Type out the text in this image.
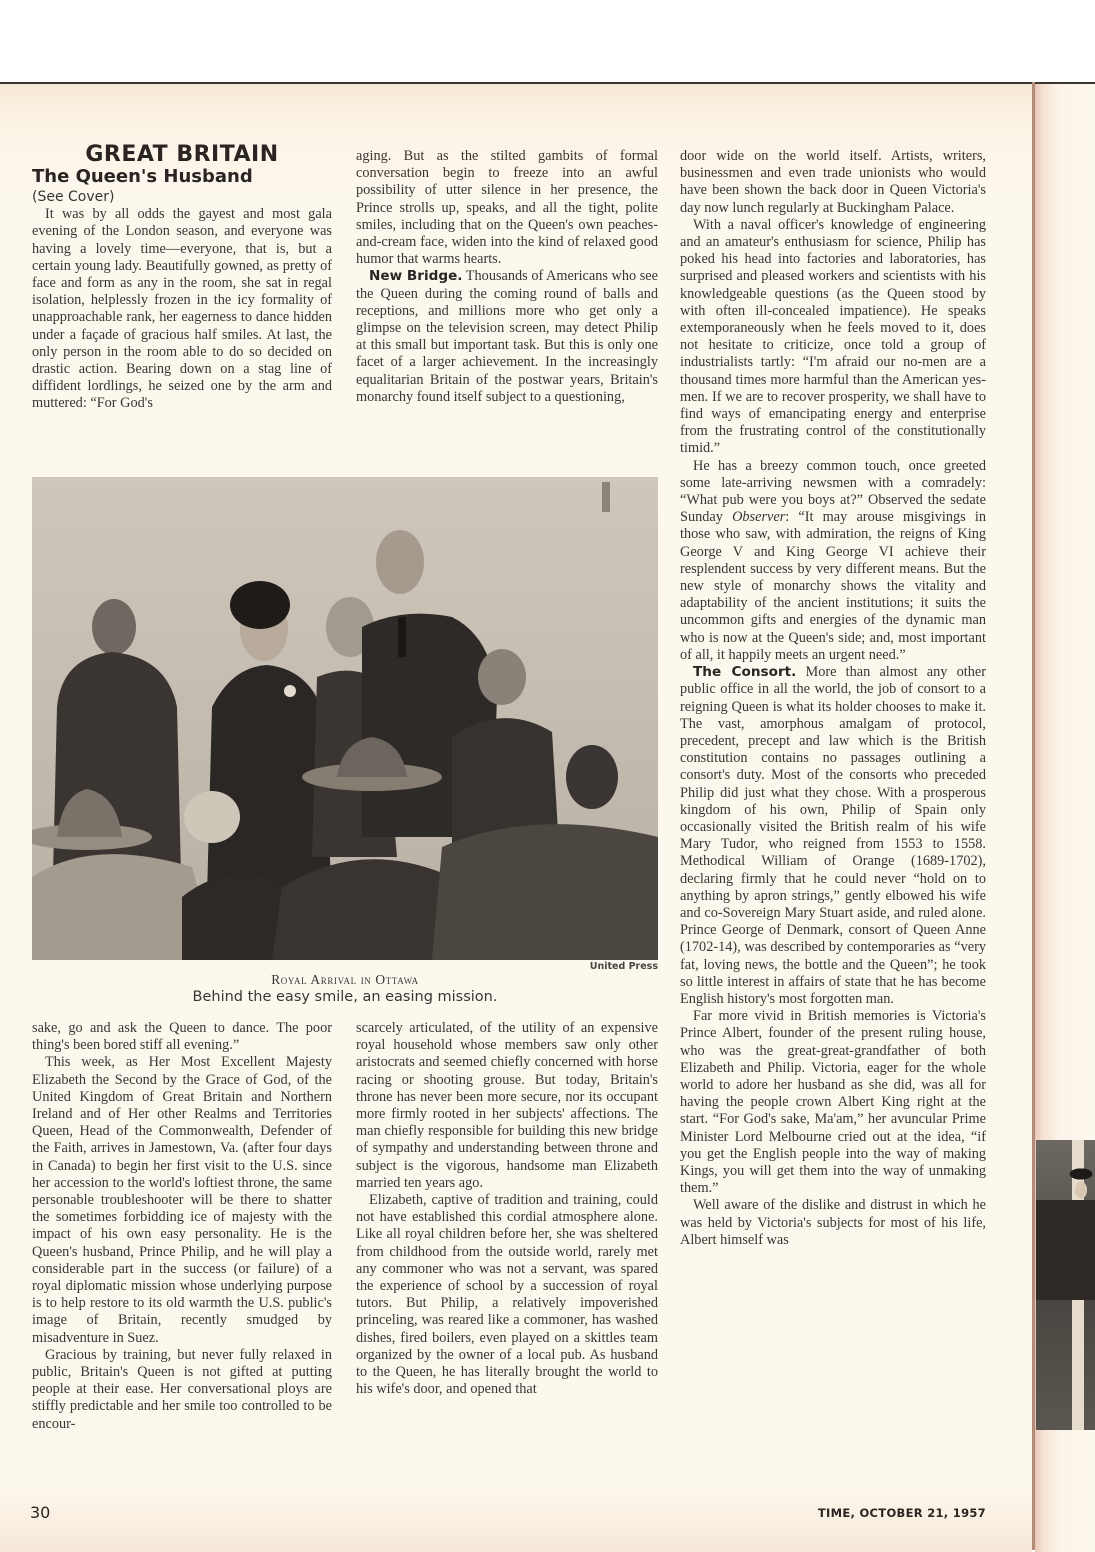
GREAT BRITAIN
The Queen's Husband
(See Cover)

It was by all odds the gayest and most gala evening of the London season, and everyone was having a lovely time—everyone, that is, but a certain young lady. Beautifully gowned, as pretty of face and form as any in the room, she sat in regal isolation, helplessly frozen in the icy formality of unapproachable rank, her eagerness to dance hidden under a façade of gracious half smiles. At last, the only person in the room able to do so decided on drastic action. Bearing down on a stag line of diffident lordlings, he seized one by the arm and muttered: “For God's

aging. But as the stilted gambits of formal conversation begin to freeze into an awful possibility of utter silence in her presence, the Prince strolls up, speaks, and all the tight, polite smiles, including that on the Queen's own peaches-and-cream face, widen into the kind of relaxed good humor that warms hearts.

New Bridge. Thousands of Americans who see the Queen during the coming round of balls and receptions, and millions more who get only a glimpse on the television screen, may detect Philip at this small but important task. But this is only one facet of a larger achievement. In the increasingly equalitarian Britain of the postwar years, Britain's monarchy found itself subject to a questioning,

United Press
Royal Arrival in Ottawa
Behind the easy smile, an easing mission.

sake, go and ask the Queen to dance. The poor thing's been bored stiff all evening.”

This week, as Her Most Excellent Majesty Elizabeth the Second by the Grace of God, of the United Kingdom of Great Britain and Northern Ireland and of Her other Realms and Territories Queen, Head of the Commonwealth, Defender of the Faith, arrives in Jamestown, Va. (after four days in Canada) to begin her first visit to the U.S. since her accession to the world's loftiest throne, the same personable troubleshooter will be there to shatter the sometimes forbidding ice of majesty with the impact of his own easy personality. He is the Queen's husband, Prince Philip, and he will play a considerable part in the success (or failure) of a royal diplomatic mission whose underlying purpose is to help restore to its old warmth the U.S. public's image of Britain, recently smudged by misadventure in Suez.

Gracious by training, but never fully relaxed in public, Britain's Queen is not gifted at putting people at their ease. Her conversational ploys are stiffly predictable and her smile too controlled to be encour-

scarcely articulated, of the utility of an expensive royal household whose members saw only other aristocrats and seemed chiefly concerned with horse racing or shooting grouse. But today, Britain's throne has never been more secure, nor its occupant more firmly rooted in her subjects' affections. The man chiefly responsible for building this new bridge of sympathy and understanding between throne and subject is the vigorous, handsome man Elizabeth married ten years ago.

Elizabeth, captive of tradition and training, could not have established this cordial atmosphere alone. Like all royal children before her, she was sheltered from childhood from the outside world, rarely met any commoner who was not a servant, was spared the experience of school by a succession of royal tutors. But Philip, a relatively impoverished princeling, was reared like a commoner, has washed dishes, fired boilers, even played on a skittles team organized by the owner of a local pub. As husband to the Queen, he has literally brought the world to his wife's door, and opened that

door wide on the world itself. Artists, writers, businessmen and even trade unionists who would have been shown the back door in Queen Victoria's day now lunch regularly at Buckingham Palace.

With a naval officer's knowledge of engineering and an amateur's enthusiasm for science, Philip has poked his head into factories and laboratories, has surprised and pleased workers and scientists with his knowledgeable questions (as the Queen stood by with often ill-concealed impatience). He speaks extemporaneously when he feels moved to it, does not hesitate to criticize, once told a group of industrialists tartly: “I'm afraid our no-men are a thousand times more harmful than the American yes-men. If we are to recover prosperity, we shall have to find ways of emancipating energy and enterprise from the frustrating control of the constitutionally timid.”

He has a breezy common touch, once greeted some late-arriving newsmen with a comradely: “What pub were you boys at?” Observed the sedate Sunday Observer: “It may arouse misgivings in those who saw, with admiration, the reigns of King George V and King George VI achieve their resplendent success by very different means. But the new style of monarchy shows the vitality and adaptability of the ancient institutions; it suits the uncommon gifts and energies of the dynamic man who is now at the Queen's side; and, most important of all, it happily meets an urgent need.”

The Consort. More than almost any other public office in all the world, the job of consort to a reigning Queen is what its holder chooses to make it. The vast, amorphous amalgam of protocol, precedent, precept and law which is the British constitution contains no passages outlining a consort's duty. Most of the consorts who preceded Philip did just what they chose. With a prosperous kingdom of his own, Philip of Spain only occasionally visited the British realm of his wife Mary Tudor, who reigned from 1553 to 1558. Methodical William of Orange (1689-1702), declaring firmly that he could never “hold on to anything by apron strings,” gently elbowed his wife and co-Sovereign Mary Stuart aside, and ruled alone. Prince George of Denmark, consort of Queen Anne (1702-14), was described by contemporaries as “very fat, loving news, the bottle and the Queen”; he took so little interest in affairs of state that he has become English history's most forgotten man.

Far more vivid in British memories is Victoria's Prince Albert, founder of the present ruling house, who was the great-great-grandfather of both Elizabeth and Philip. Victoria, eager for the whole world to adore her husband as she did, was all for having the people crown Albert King right at the start. “For God's sake, Ma'am,” her avuncular Prime Minister Lord Melbourne cried out at the idea, “if you get the English people into the way of making Kings, you will get them into the way of unmaking them.”

Well aware of the dislike and distrust in which he was held by Victoria's subjects for most of his life, Albert himself was

30	TIME, OCTOBER 21, 1957
